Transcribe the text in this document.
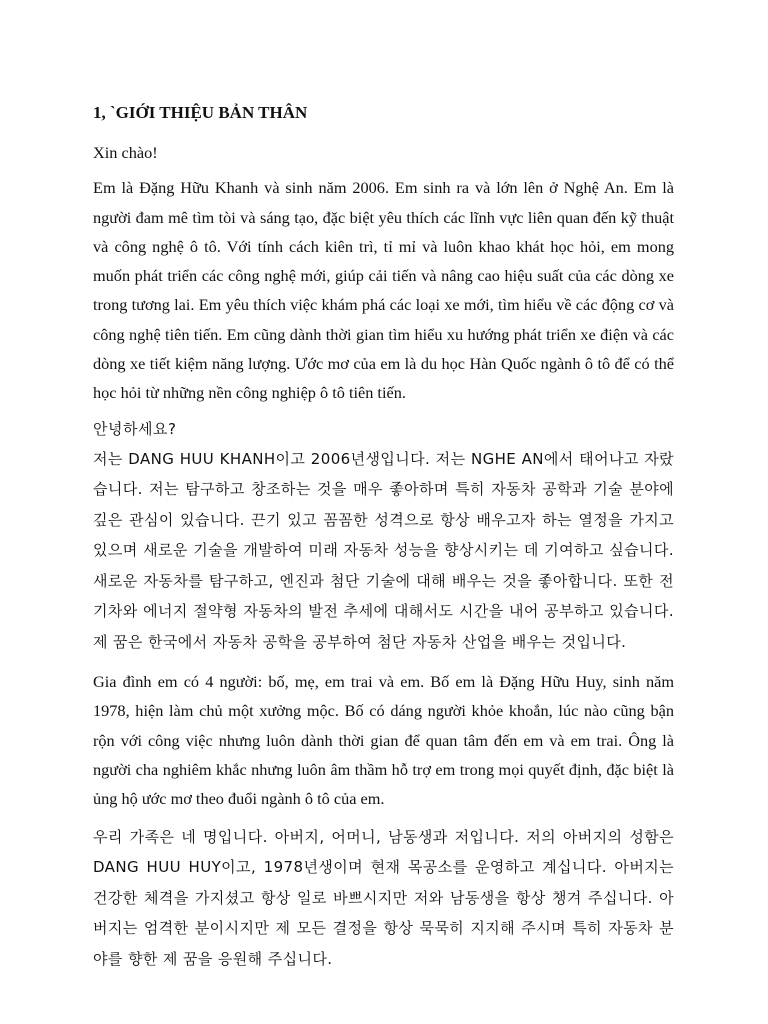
1, `GIỚI THIỆU BẢN THÂN

Xin chào!

Em là Đặng Hữu Khanh và sinh năm 2006. Em sinh ra và lớn lên ở Nghệ An. Em là người đam mê tìm tòi và sáng tạo, đặc biệt yêu thích các lĩnh vực liên quan đến kỹ thuật và công nghệ ô tô. Với tính cách kiên trì, tỉ mỉ và luôn khao khát học hỏi, em mong muốn phát triển các công nghệ mới, giúp cải tiến và nâng cao hiệu suất của các dòng xe trong tương lai. Em yêu thích việc khám phá các loại xe mới, tìm hiểu về các động cơ và công nghệ tiên tiến. Em cũng dành thời gian tìm hiểu xu hướng phát triển xe điện và các dòng xe tiết kiệm năng lượng. Ước mơ của em là du học Hàn Quốc ngành ô tô để có thể học hỏi từ những nền công nghiệp ô tô tiên tiến.

안녕하세요?

저는 DANG HUU KHANH이고 2006년생입니다. 저는 NGHE AN에서 태어나고 자랐습니다. 저는 탐구하고 창조하는 것을 매우 좋아하며 특히 자동차 공학과 기술 분야에 깊은 관심이 있습니다. 끈기 있고 꼼꼼한 성격으로 항상 배우고자 하는 열정을 가지고 있으며 새로운 기술을 개발하여 미래 자동차 성능을 향상시키는 데 기여하고 싶습니다. 새로운 자동차를 탐구하고, 엔진과 첨단 기술에 대해 배우는 것을 좋아합니다. 또한 전기차와 에너지 절약형 자동차의 발전 추세에 대해서도 시간을 내어 공부하고 있습니다. 제 꿈은 한국에서 자동차 공학을 공부하여 첨단 자동차 산업을 배우는 것입니다.

Gia đình em có 4 người: bố, mẹ, em trai và em. Bố em là Đặng Hữu Huy, sinh năm 1978, hiện làm chủ một xưởng mộc. Bố có dáng người khỏe khoắn, lúc nào cũng bận rộn với công việc nhưng luôn dành thời gian để quan tâm đến em và em trai. Ông là người cha nghiêm khắc nhưng luôn âm thầm hỗ trợ em trong mọi quyết định, đặc biệt là ủng hộ ước mơ theo đuổi ngành ô tô của em.

우리 가족은 네 명입니다. 아버지, 어머니, 남동생과 저입니다. 저의 아버지의 성함은 DANG HUU HUY이고, 1978년생이며 현재 목공소를 운영하고 계십니다. 아버지는 건강한 체격을 가지셨고 항상 일로 바쁘시지만 저와 남동생을 항상 챙겨 주십니다. 아버지는 엄격한 분이시지만 제 모든 결정을 항상 묵묵히 지지해 주시며 특히 자동차 분야를 향한 제 꿈을 응원해 주십니다.
